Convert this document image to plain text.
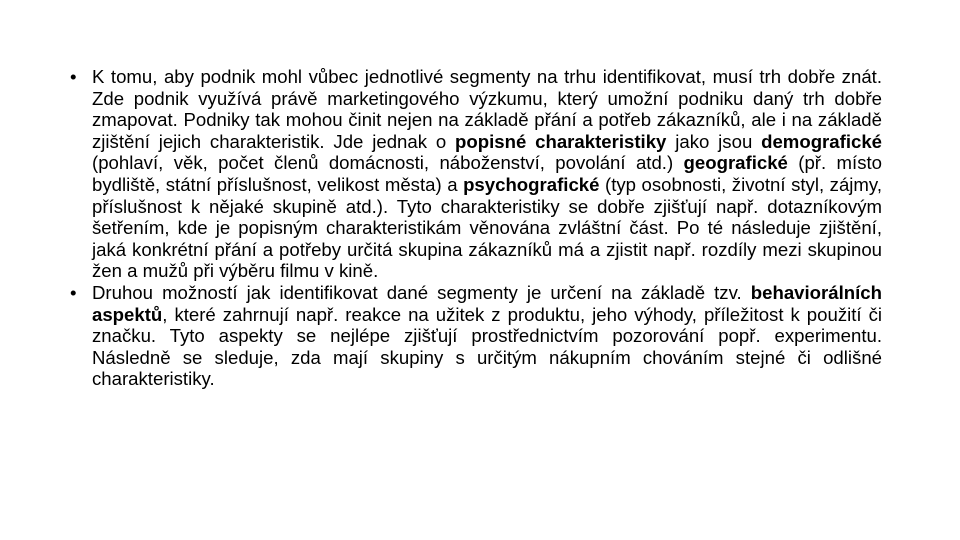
• K tomu, aby podnik mohl vůbec jednotlivé segmenty na trhu identifikovat, musí trh dobře znát. Zde podnik využívá právě marketingového výzkumu, který umožní podniku daný trh dobře zmapovat. Podniky tak mohou činit nejen na základě přání a potřeb zákazníků, ale i na základě zjištění jejich charakteristik. Jde jednak o popisné charakteristiky jako jsou demografické (pohlaví, věk, počet členů domácnosti, náboženství, povolání atd.) geografické (př. místo bydliště, státní příslušnost, velikost města) a psychografické (typ osobnosti, životní styl, zájmy, příslušnost k nějaké skupině atd.). Tyto charakteristiky se dobře zjišťují např. dotazníkovým šetřením, kde je popisným charakteristikám věnována zvláštní část. Po té následuje zjištění, jaká konkrétní přání a potřeby určitá skupina zákazníků má a zjistit např. rozdíly mezi skupinou žen a mužů při výběru filmu v kině.
• Druhou možností jak identifikovat dané segmenty je určení na základě tzv. behaviorálních aspektů, které zahrnují např. reakce na užitek z produktu, jeho výhody, příležitost k použití či značku. Tyto aspekty se nejlépe zjišťují prostřednictvím pozorování popř. experimentu. Následně se sleduje, zda mají skupiny s určitým nákupním chováním stejné či odlišné charakteristiky.
